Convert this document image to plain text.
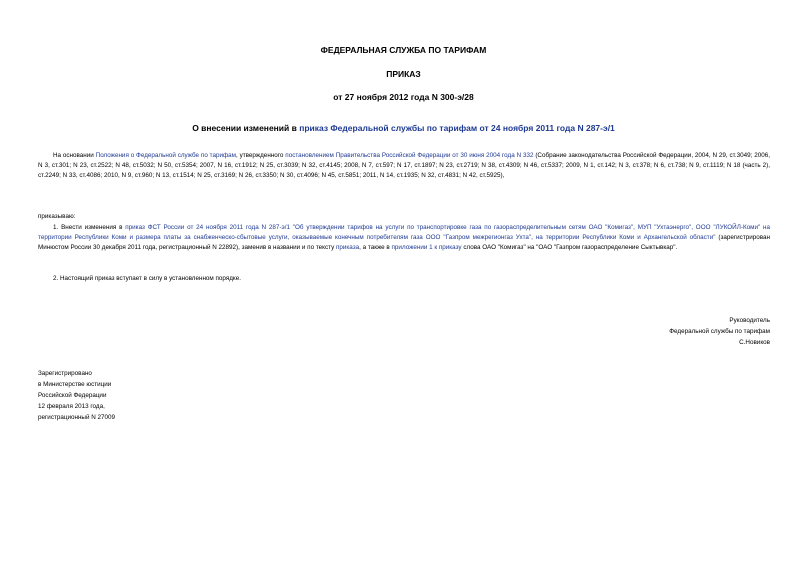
ФЕДЕРАЛЬНАЯ СЛУЖБА ПО ТАРИФАМ
ПРИКАЗ
от 27 ноября 2012 года N 300-э/28
О внесении изменений в приказ Федеральной службы по тарифам от 24 ноября 2011 года N 287-э/1
На основании Положения о Федеральной службе по тарифам, утвержденного постановлением Правительства Российской Федерации от 30 июня 2004 года N 332 (Собрание законодательства Российской Федерации, 2004, N 29, ст.3049; 2006, N 3, ст.301; N 23, ст.2522; N 48, ст.5032; N 50, ст.5354; 2007, N 16, ст.1912; N 25, ст.3039; N 32, ст.4145; 2008, N 7, ст.597; N 17, ст.1897; N 23, ст.2719; N 38, ст.4309; N 46, ст.5337; 2009, N 1, ст.142; N 3, ст.378; N 6, ст.738; N 9, ст.1119; N 18 (часть 2), ст.2249; N 33, ст.4086; 2010, N 9, ст.960; N 13, ст.1514; N 25, ст.3169; N 26, ст.3350; N 30, ст.4096; N 45, ст.5851; 2011, N 14, ст.1935; N 32, ст.4831; N 42, ст.5925),
приказываю:
1. Внести изменения в приказ ФСТ России от 24 ноября 2011 года N 287-э/1 "Об утверждении тарифов на услуги по транспортировке газа по газораспределительным сетям ОАО "Комигаз", МУП "Ухтаэнерго", ООО "ЛУКОЙЛ-Коми" на территории Республики Коми и размера платы за снабженческо-сбытовые услуги, оказываемые конечным потребителям газа ООО "Газпром межрегионгаз Ухта", на территории Республики Коми и Архангельской области" (зарегистрирован Минюстом России 30 декабря 2011 года, регистрационный N 22892), заменив в названии и по тексту приказа, а также в приложении 1 к приказу слова ОАО "Комигаз" на "ОАО "Газпром газораспределение Сыктывкар".
2. Настоящий приказ вступает в силу в установленном порядке.
Руководитель
Федеральной службы по тарифам
С.Новиков
Зарегистрировано
в Министерстве юстиции
Российской Федерации
12 февраля 2013 года,
регистрационный N 27009
